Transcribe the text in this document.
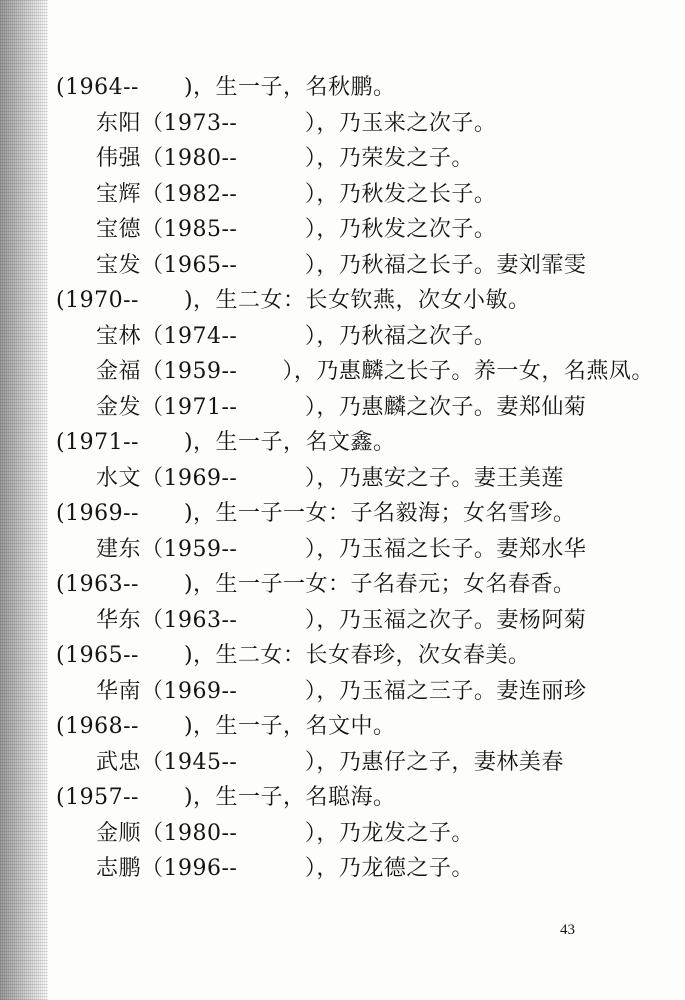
(1964--　　)，生一子，名秋鹏。
东阳（1973--　　　），乃玉来之次子。
伟强（1980--　　　），乃荣发之子。
宝辉（1982--　　　），乃秋发之长子。
宝德（1985--　　　），乃秋发之次子。
宝发（1965--　　　），乃秋福之长子。妻刘霏雯
(1970--　　)，生二女：长女钦燕，次女小敏。
宝林（1974--　　　），乃秋福之次子。
金福（1959--　　），乃惠麟之长子。养一女，名燕凤。
金发（1971--　　　），乃惠麟之次子。妻郑仙菊
(1971--　　)，生一子，名文鑫。
水文（1969--　　　），乃惠安之子。妻王美莲
(1969--　　)，生一子一女：子名毅海；女名雪珍。
建东（1959--　　　），乃玉福之长子。妻郑水华
(1963--　　)，生一子一女：子名春元；女名春香。
华东（1963--　　　），乃玉福之次子。妻杨阿菊
(1965--　　)，生二女：长女春珍，次女春美。
华南（1969--　　　），乃玉福之三子。妻连丽珍
(1968--　　)，生一子，名文中。
武忠（1945--　　　），乃惠仔之子，妻林美春
(1957--　　)，生一子，名聪海。
金顺（1980--　　　），乃龙发之子。
志鹏（1996--　　　），乃龙德之子。
43
